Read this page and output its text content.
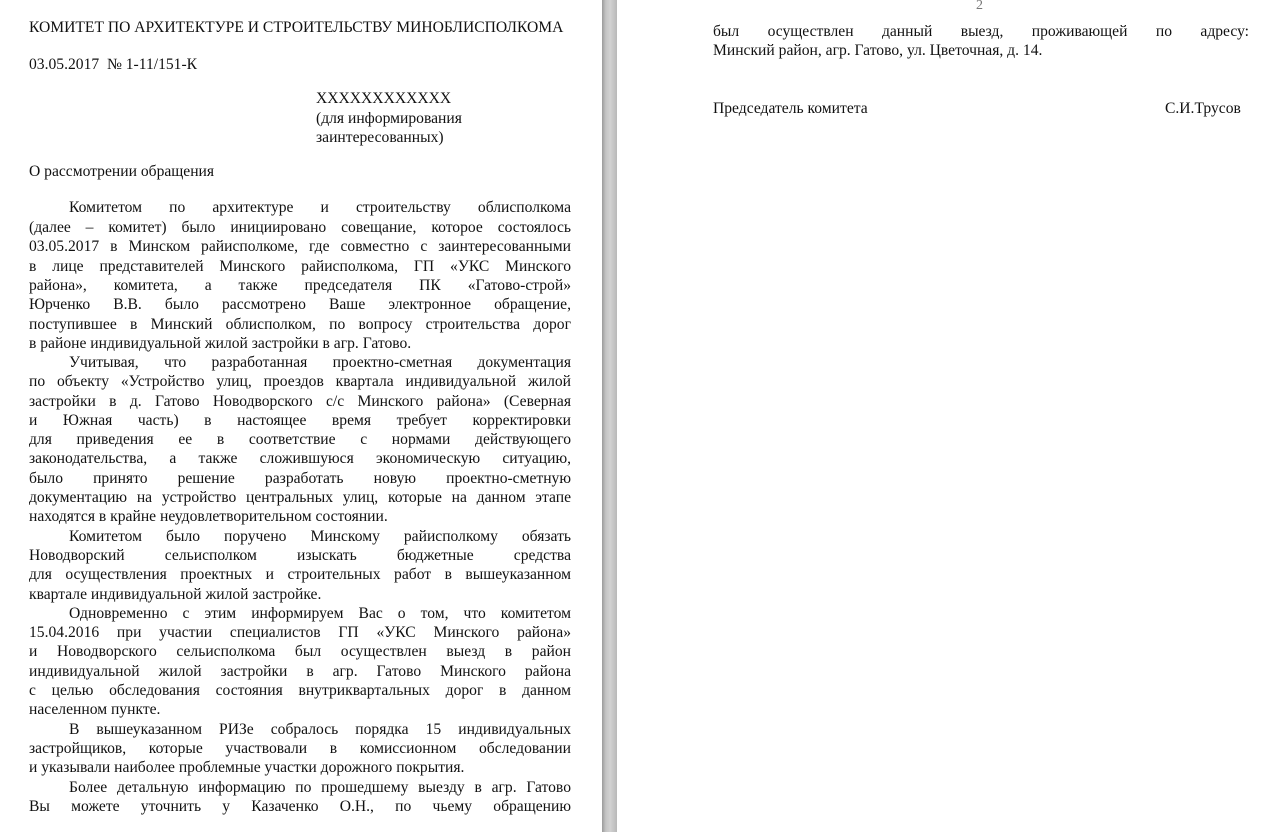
КОМИТЕТ ПО АРХИТЕКТУРЕ И СТРОИТЕЛЬСТВУ МИНОБЛИСПОЛКОМА
03.05.2017  № 1-11/151-К
XXXXXXXXXXXX
(для информирования
заинтересованных)
О рассмотрении обращения
Комитетом по архитектуре и строительству облисполкома
(далее – комитет) было инициировано совещание, которое состоялось
03.05.2017 в Минском райисполкоме, где совместно с заинтересованными
в лице представителей Минского райисполкома, ГП «УКС Минского
района», комитета, а также председателя ПК «Гатово-строй»
Юрченко В.В. было рассмотрено Ваше электронное обращение,
поступившее в Минский облисполком, по вопросу строительства дорог
в районе индивидуальной жилой застройки в агр. Гатово.
Учитывая, что разработанная проектно-сметная документация
по объекту «Устройство улиц, проездов квартала индивидуальной жилой
застройки в д. Гатово Новодворского с/с Минского района» (Северная
и Южная часть) в настоящее время требует корректировки
для приведения ее в соответствие с нормами действующего
законодательства, а также сложившуюся экономическую ситуацию,
было принято решение разработать новую проектно-сметную
документацию на устройство центральных улиц, которые на данном этапе
находятся в крайне неудовлетворительном состоянии.
Комитетом было поручено Минскому райисполкому обязать
Новодворский сельисполком изыскать бюджетные средства
для осуществления проектных и строительных работ в вышеуказанном
квартале индивидуальной жилой застройке.
Одновременно с этим информируем Вас о том, что комитетом
15.04.2016 при участии специалистов ГП «УКС Минского района»
и Новодворского сельисполкома был осуществлен выезд в район
индивидуальной жилой застройки в агр. Гатово Минского района
с целью обследования состояния внутриквартальных дорог в данном
населенном пункте.
В вышеуказанном РИЗе собралось порядка 15 индивидуальных
застройщиков, которые участвовали в комиссионном обследовании
и указывали наиболее проблемные участки дорожного покрытия.
Более детальную информацию по прошедшему выезду в агр. Гатово
Вы можете уточнить у Казаченко О.Н., по чьему обращению
2
был осуществлен данный выезд, проживающей по адресу:
Минский район, агр. Гатово, ул. Цветочная, д. 14.
Председатель комитета	С.И.Трусов
